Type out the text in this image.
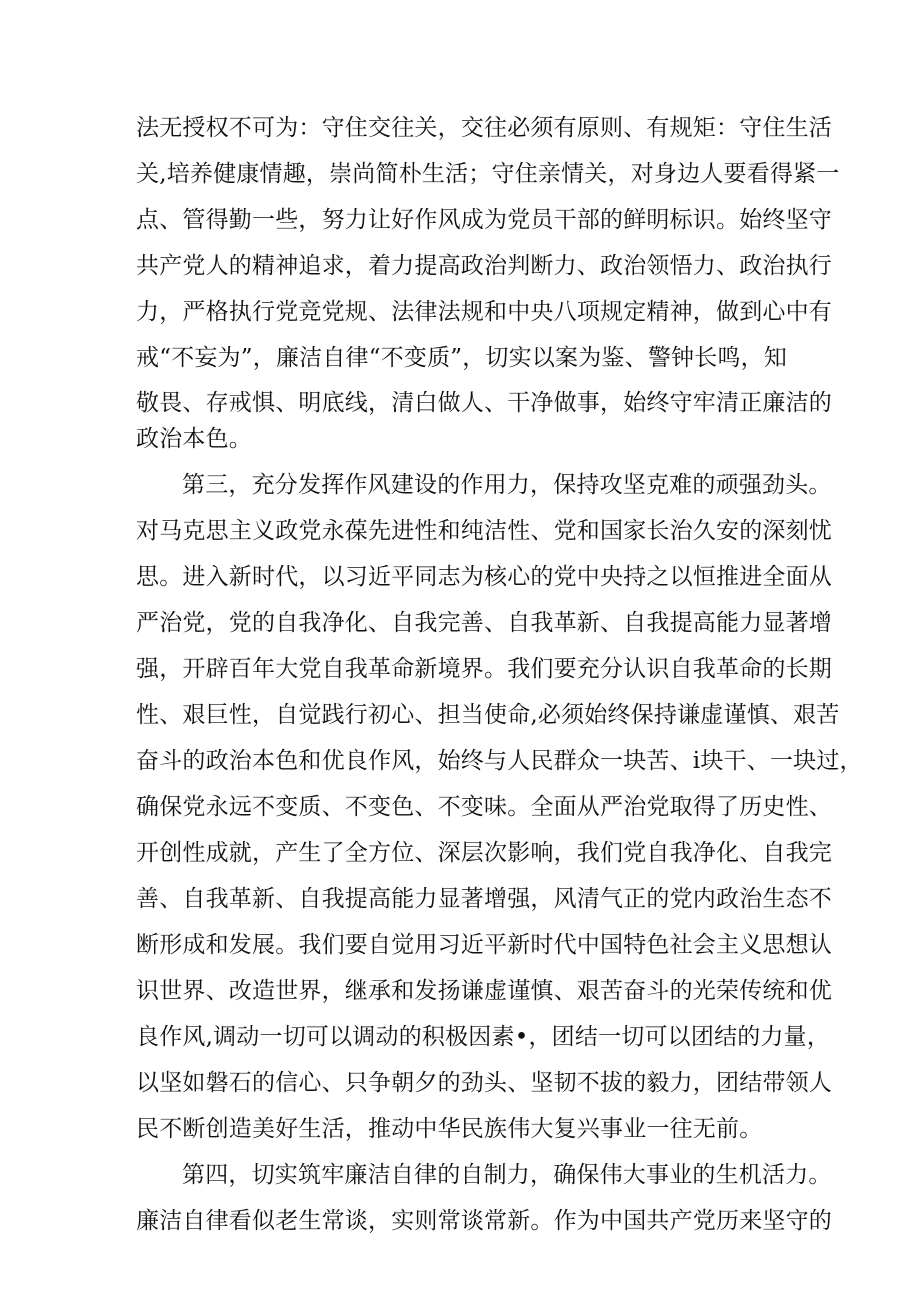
法无授权不可为：守住交往关，交往必须有原则、有规矩：守住生活
关,培养健康情趣，崇尚简朴生活；守住亲情关，对身边人要看得紧一
点、管得勤一些，努力让好作风成为党员干部的鲜明标识。始终坚守
共产党人的精神追求，着力提高政治判断力、政治领悟力、政治执行
力，严格执行党竞党规、法律法规和中央八项规定精神，做到心中有
戒“不妄为”，廉洁自律“不变质”，切实以案为鉴、警钟长鸣，知
敬畏、存戒惧、明底线，清白做人、干净做事，始终守牢清正廉洁的
政治本色。
第三，充分发挥作风建设的作用力，保持攻坚克难的顽强劲头。
对马克思主义政党永葆先进性和纯洁性、党和国家长治久安的深刻忧
思。进入新时代，以习近平同志为核心的党中央持之以恒推进全面从
严治党，党的自我净化、自我完善、自我革新、自我提高能力显著增
强，开辟百年大党自我革命新境界。我们要充分认识自我革命的长期
性、艰巨性，自觉践行初心、担当使命,必须始终保持谦虚谨慎、艰苦
奋斗的政治本色和优良作风，始终与人民群众一块苦、i块干、一块过，
确保党永远不变质、不变色、不变味。全面从严治党取得了历史性、
开创性成就，产生了全方位、深层次影响，我们党自我净化、自我完
善、自我革新、自我提高能力显著增强，风清气正的党内政治生态不
断形成和发展。我们要自觉用习近平新时代中国特色社会主义思想认
识世界、改造世界，继承和发扬谦虚谨慎、艰苦奋斗的光荣传统和优
良作风,调动一切可以调动的积极因素•，团结一切可以团结的力量，
以坚如磐石的信心、只争朝夕的劲头、坚韧不拔的毅力，团结带领人
民不断创造美好生活，推动中华民族伟大复兴事业一往无前。
第四，切实筑牢廉洁自律的自制力，确保伟大事业的生机活力。
廉洁自律看似老生常谈，实则常谈常新。作为中国共产党历来坚守的
